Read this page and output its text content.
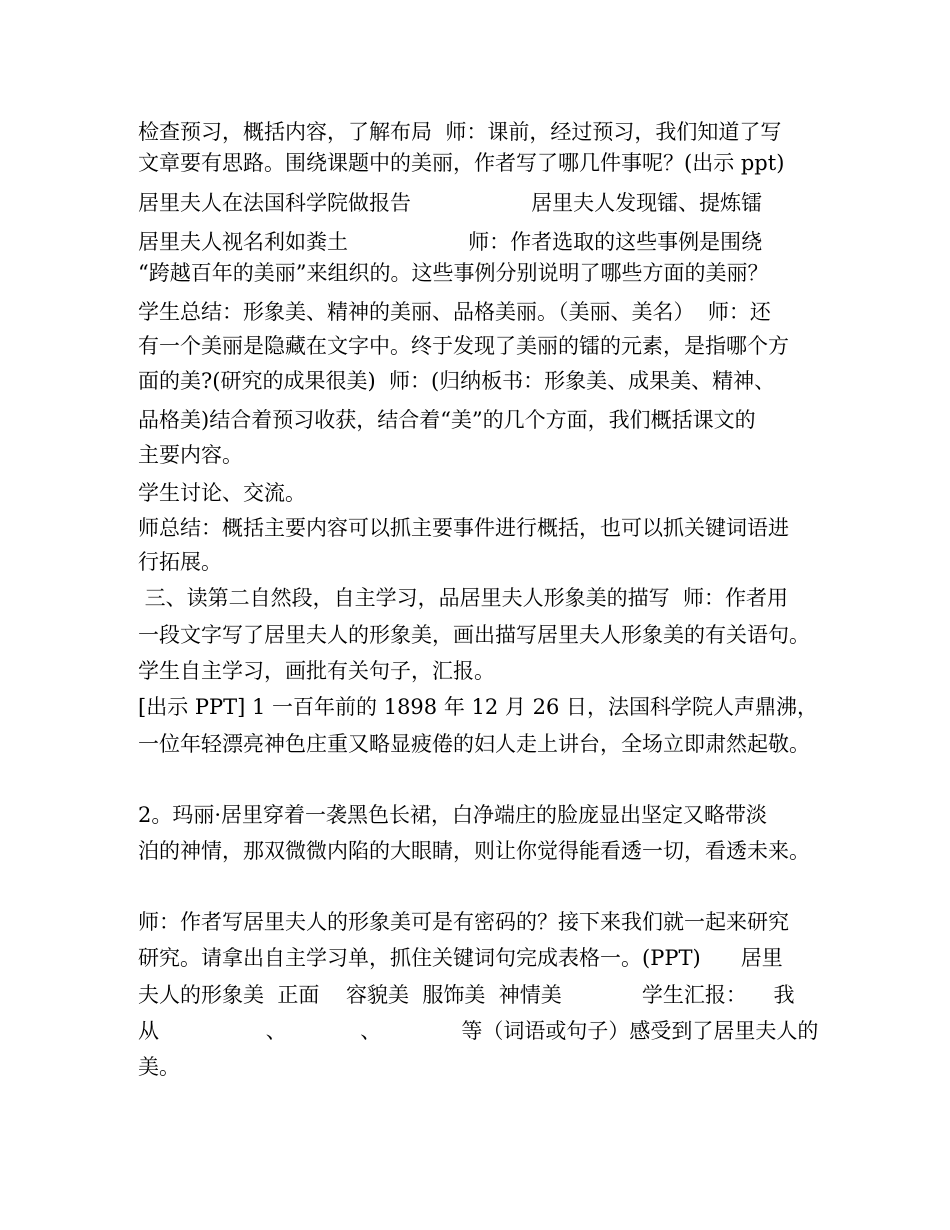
检查预习，概括内容，了解布局  师：课前，经过预习，我们知道了写
文章要有思路。围绕课题中的美丽，作者写了哪几件事呢？(出示 ppt)
居里夫人在法国科学院做报告                  居里夫人发现镭、提炼镭
居里夫人视名利如粪土                  师：作者选取的这些事例是围绕
“跨越百年的美丽”来组织的。这些事例分别说明了哪些方面的美丽？
学生总结：形象美、精神的美丽、品格美丽。（美丽、美名）  师：还
有一个美丽是隐藏在文字中。终于发现了美丽的镭的元素，是指哪个方
面的美?(研究的成果很美)  师：(归纳板书：形象美、成果美、精神、
品格美)结合着预习收获，结合着“美”的几个方面，我们概括课文的
主要内容。
学生讨论、交流。
师总结：概括主要内容可以抓主要事件进行概括，也可以抓关键词语进
行拓展。
三、读第二自然段，自主学习，品居里夫人形象美的描写  师：作者用
一段文字写了居里夫人的形象美，画出描写居里夫人形象美的有关语句。
学生自主学习，画批有关句子，汇报。
[出示 PPT] 1 一百年前的 1898 年 12 月 26 日，法国科学院人声鼎沸，
一位年轻漂亮神色庄重又略显疲倦的妇人走上讲台，全场立即肃然起敬。
2。玛丽·居里穿着一袭黑色长裙，白净端庄的脸庞显出坚定又略带淡
泊的神情，那双微微内陷的大眼睛，则让你觉得能看透一切，看透未来。
师：作者写居里夫人的形象美可是有密码的？接下来我们就一起来研究
研究。请拿出自主学习单，抓住关键词句完成表格一。(PPT)      居里
夫人的形象美  正面    容貌美  服饰美  神情美            学生汇报：    我
从                、           、            等（词语或句子）感受到了居里夫人的
美。
